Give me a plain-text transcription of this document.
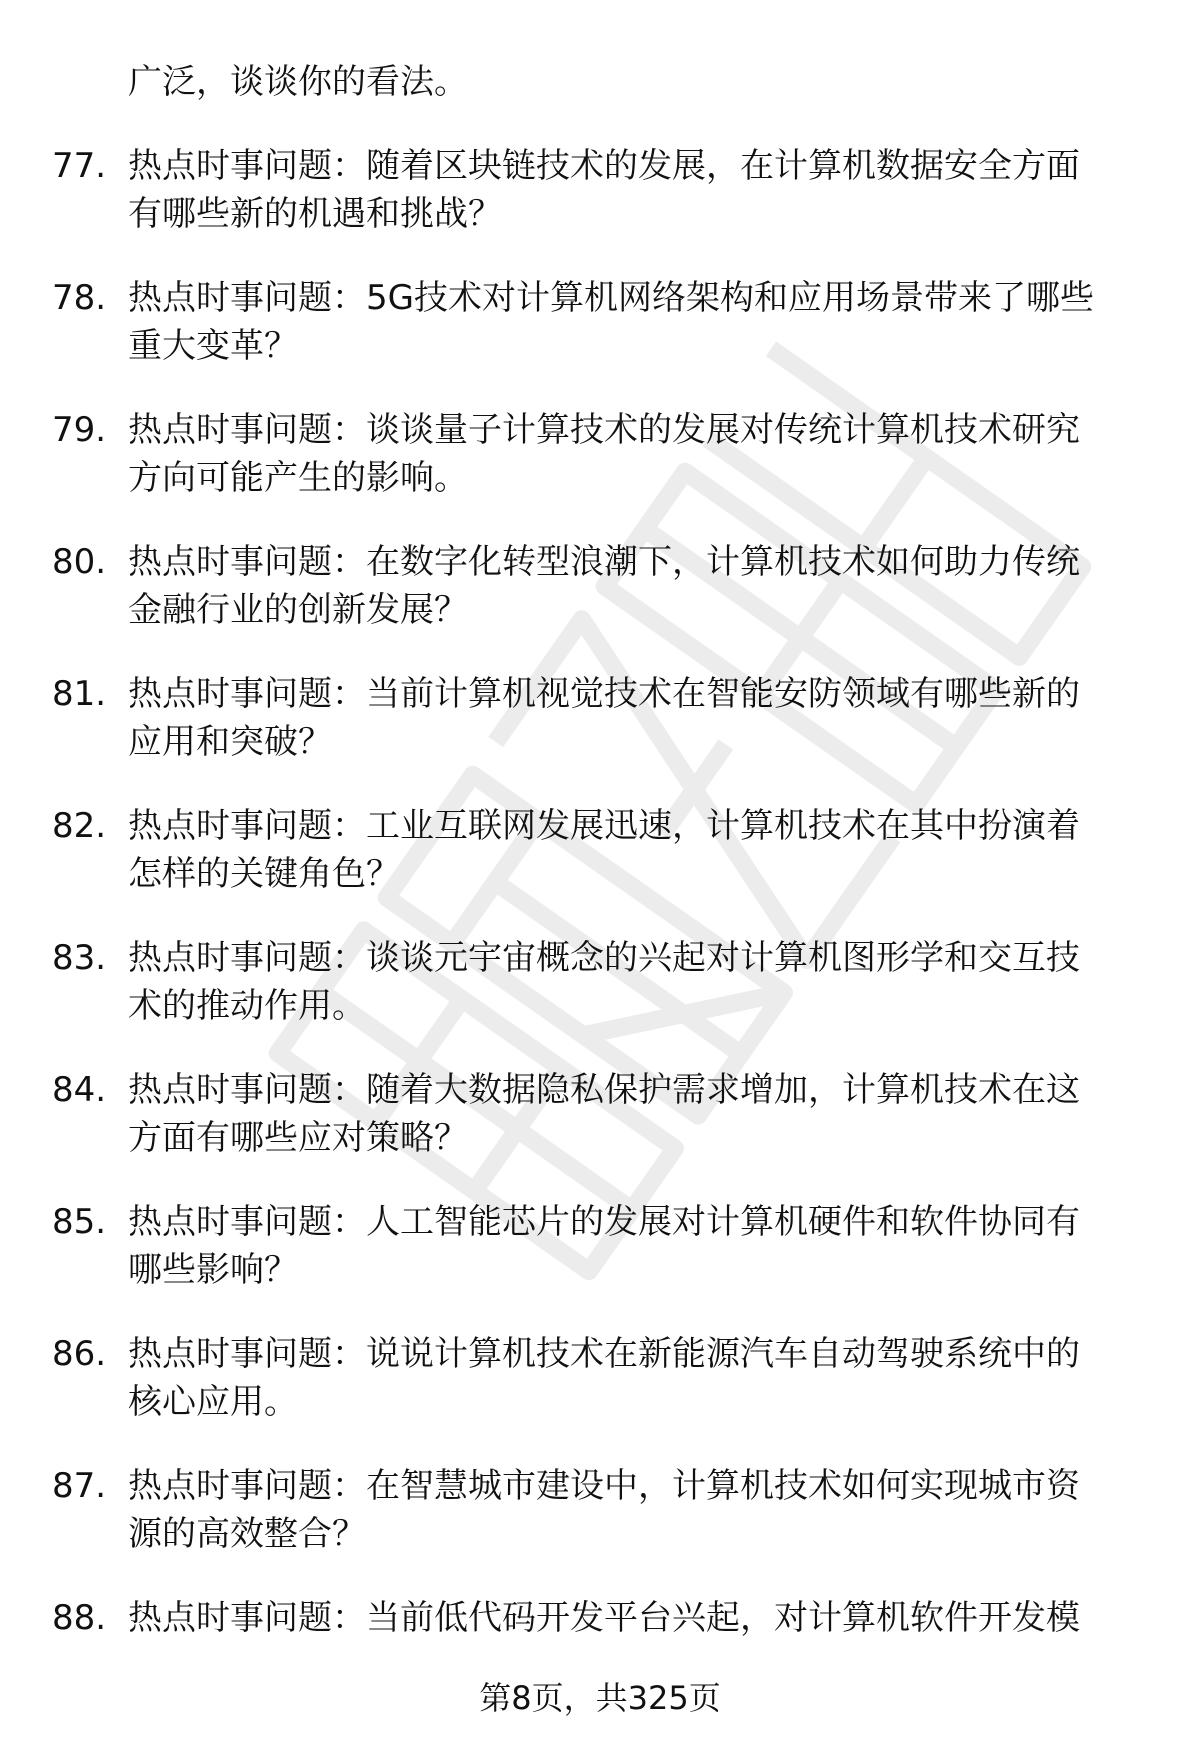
广泛，谈谈你的看法。

77. 热点时事问题：随着区块链技术的发展，在计算机数据安全方面
有哪些新的机遇和挑战？
78. 热点时事问题：5G技术对计算机网络架构和应用场景带来了哪些
重大变革？
79. 热点时事问题：谈谈量子计算技术的发展对传统计算机技术研究
方向可能产生的影响。
80. 热点时事问题：在数字化转型浪潮下，计算机技术如何助力传统
金融行业的创新发展？
81. 热点时事问题：当前计算机视觉技术在智能安防领域有哪些新的
应用和突破？
82. 热点时事问题：工业互联网发展迅速，计算机技术在其中扮演着
怎样的关键角色？
83. 热点时事问题：谈谈元宇宙概念的兴起对计算机图形学和交互技
术的推动作用。
84. 热点时事问题：随着大数据隐私保护需求增加，计算机技术在这
方面有哪些应对策略？
85. 热点时事问题：人工智能芯片的发展对计算机硬件和软件协同有
哪些影响？
86. 热点时事问题：说说计算机技术在新能源汽车自动驾驶系统中的
核心应用。
87. 热点时事问题：在智慧城市建设中，计算机技术如何实现城市资
源的高效整合？
88. 热点时事问题：当前低代码开发平台兴起，对计算机软件开发模
第8页，共325页
